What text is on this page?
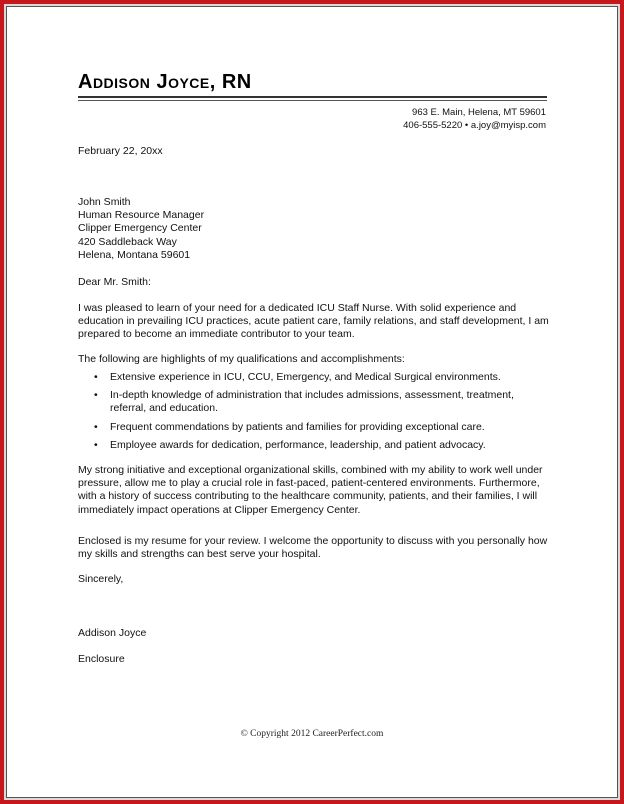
Addison Joyce, RN
963 E. Main, Helena, MT 59601
406-555-5220 • a.joy@myisp.com
February 22, 20xx
John Smith
Human Resource Manager
Clipper Emergency Center
420 Saddleback Way
Helena, Montana 59601
Dear Mr. Smith:
I was pleased to learn of your need for a dedicated ICU Staff Nurse. With solid experience and education in prevailing ICU practices, acute patient care, family relations, and staff development, I am prepared to become an immediate contributor to your team.
The following are highlights of my qualifications and accomplishments:
• Extensive experience in ICU, CCU, Emergency, and Medical Surgical environments.
• In-depth knowledge of administration that includes admissions, assessment, treatment, referral, and education.
• Frequent commendations by patients and families for providing exceptional care.
• Employee awards for dedication, performance, leadership, and patient advocacy.
My strong initiative and exceptional organizational skills, combined with my ability to work well under pressure, allow me to play a crucial role in fast-paced, patient-centered environments. Furthermore, with a history of success contributing to the healthcare community, patients, and their families, I will immediately impact operations at Clipper Emergency Center.
Enclosed is my resume for your review. I welcome the opportunity to discuss with you personally how my skills and strengths can best serve your hospital.
Sincerely,
Addison Joyce
Enclosure
© Copyright 2012 CareerPerfect.com
